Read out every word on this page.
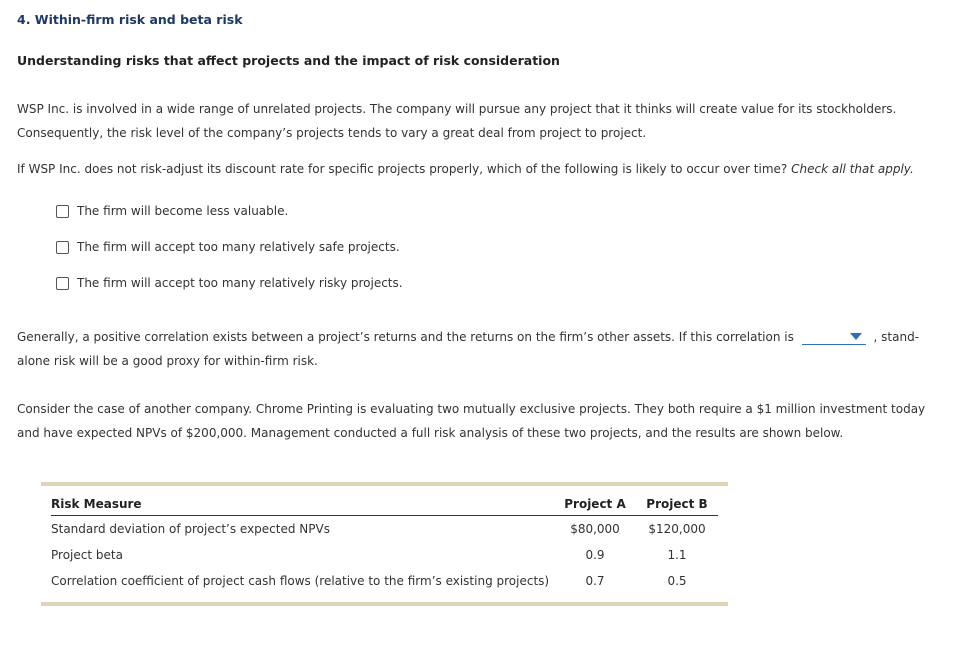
4. Within-firm risk and beta risk
Understanding risks that affect projects and the impact of risk consideration

WSP Inc. is involved in a wide range of unrelated projects. The company will pursue any project that it thinks will create value for its stockholders. Consequently, the risk level of the company’s projects tends to vary a great deal from project to project.

If WSP Inc. does not risk-adjust its discount rate for specific projects properly, which of the following is likely to occur over time? Check all that apply.

The firm will become less valuable.
The firm will accept too many relatively safe projects.
The firm will accept too many relatively risky projects.

Generally, a positive correlation exists between a project’s returns and the returns on the firm’s other assets. If this correlation is	, stand-alone risk will be a good proxy for within-firm risk.

Consider the case of another company. Chrome Printing is evaluating two mutually exclusive projects. They both require a $1 million investment today and have expected NPVs of $200,000. Management conducted a full risk analysis of these two projects, and the results are shown below.

Risk Measure	Project A	Project B
Standard deviation of project’s expected NPVs	$80,000	$120,000
Project beta	0.9	1.1
Correlation coefficient of project cash flows (relative to the firm’s existing projects)	0.7	0.5
